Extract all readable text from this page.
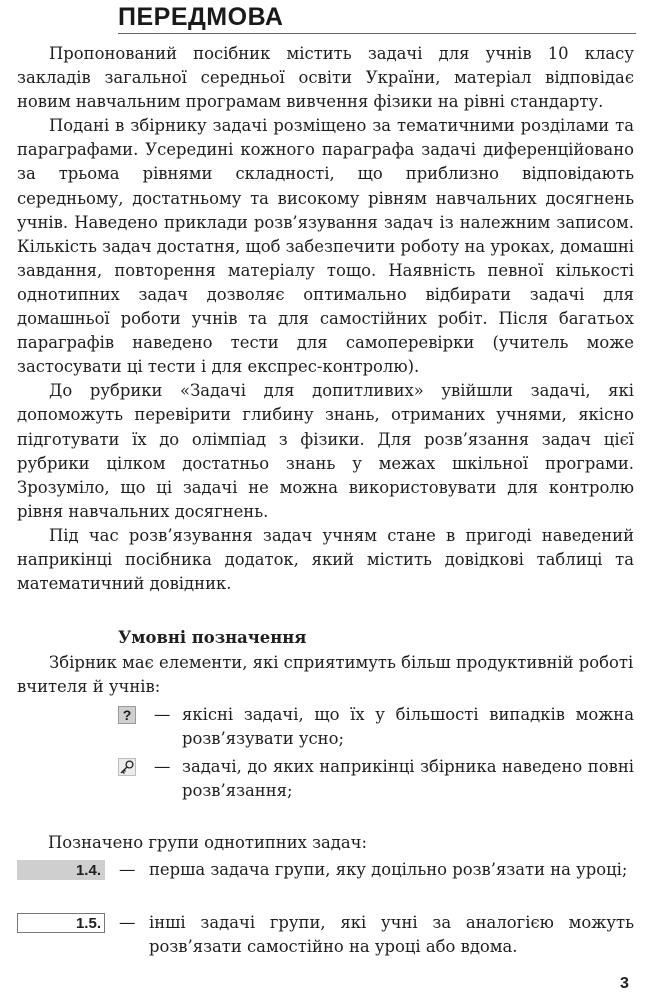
ПЕРЕДМОВА

Пропонований посібник містить задачі для учнів 10 класу закладів загальної середньої освіти України, матеріал відповідає новим навчальним програмам вивчення фізики на рівні стандарту.

Подані в збірнику задачі розміщено за тематичними розділами та параграфами. Усередині кожного параграфа задачі диференційовано за трьома рівнями складності, що приблизно відповідають середньому, достатньому та високому рівням навчальних досягнень учнів. Наведено приклади розв’язування задач із належним записом. Кількість задач достатня, щоб забезпечити роботу на уроках, домашні завдання, повторення матеріалу тощо. Наявність певної кількості однотипних задач дозволяє оптимально відбирати задачі для домашньої роботи учнів та для самостійних робіт. Після багатьох параграфів наведено тести для самоперевірки (учитель може застосувати ці тести і для експрес-контролю).

До рубрики «Задачі для допитливих» увійшли задачі, які допоможуть перевірити глибину знань, отриманих учнями, якісно підготувати їх до олімпіад з фізики. Для розв’язання задач цієї рубрики цілком достатньо знань у межах шкільної програми. Зрозуміло, що ці задачі не можна використовувати для контролю рівня навчальних досягнень.

Під час розв’язування задач учням стане в пригоді наведений наприкінці посібника додаток, який містить довідкові таблиці та математичний довідник.

Умовні позначення

Збірник має елементи, які сприятимуть більш продуктивній роботі вчителя й учнів:

? — якісні задачі, що їх у більшості випадків можна розв’язувати усно;
— задачі, до яких наприкінці збірника наведено повні розв’язання;
Позначено групи однотипних задач:
1.4. — перша задача групи, яку доцільно розв’язати на уроці;
1.5. — інші задачі групи, які учні за аналогією можуть розв’язати самостійно на уроці або вдома.
3
